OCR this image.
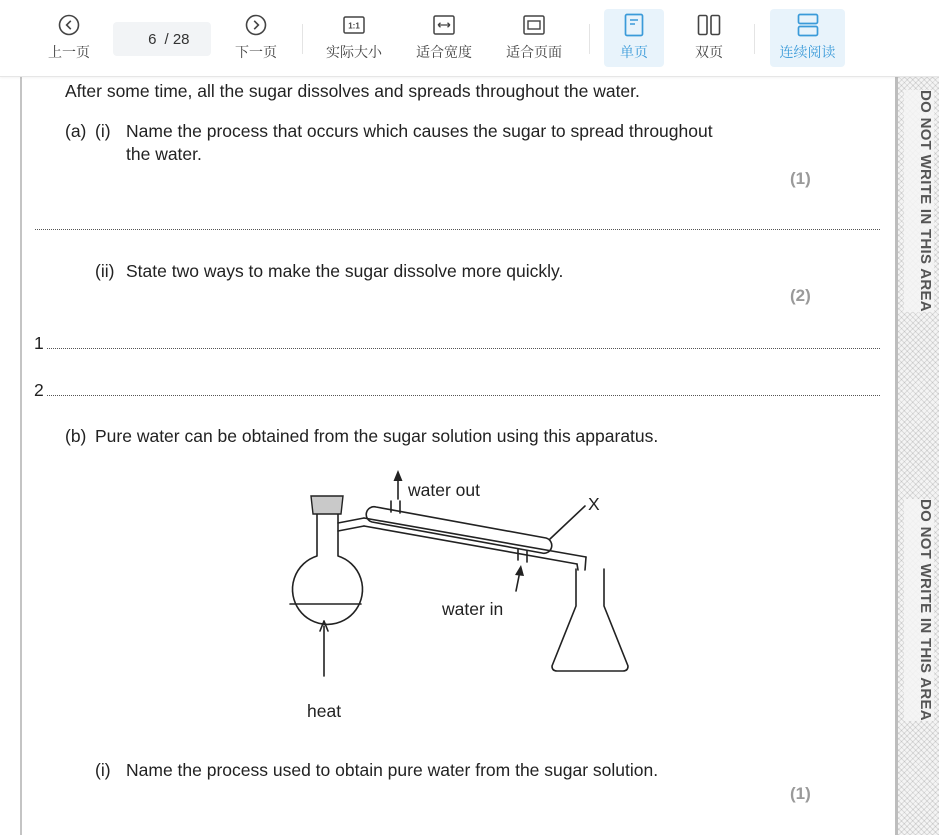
上一页
6
/ 28
下一页
1:1
实际大小 适合宽度 适合页面	单页	双页	连续阅读
DO NOT WRITE IN THIS AREA
DO NOT WRITE IN THIS AREA
After some time, all the sugar dissolves and spreads throughout the water.
(a) (i) Name the process that occurs which causes the sugar to spread throughout
the water.
(1)
(ii) State two ways to make the sugar dissolve more quickly.
(2)
1
2
(b) Pure water can be obtained from the sugar solution using this apparatus.
water out
X
water in
heat
(i) Name the process used to obtain pure water from the sugar solution.
(1)
